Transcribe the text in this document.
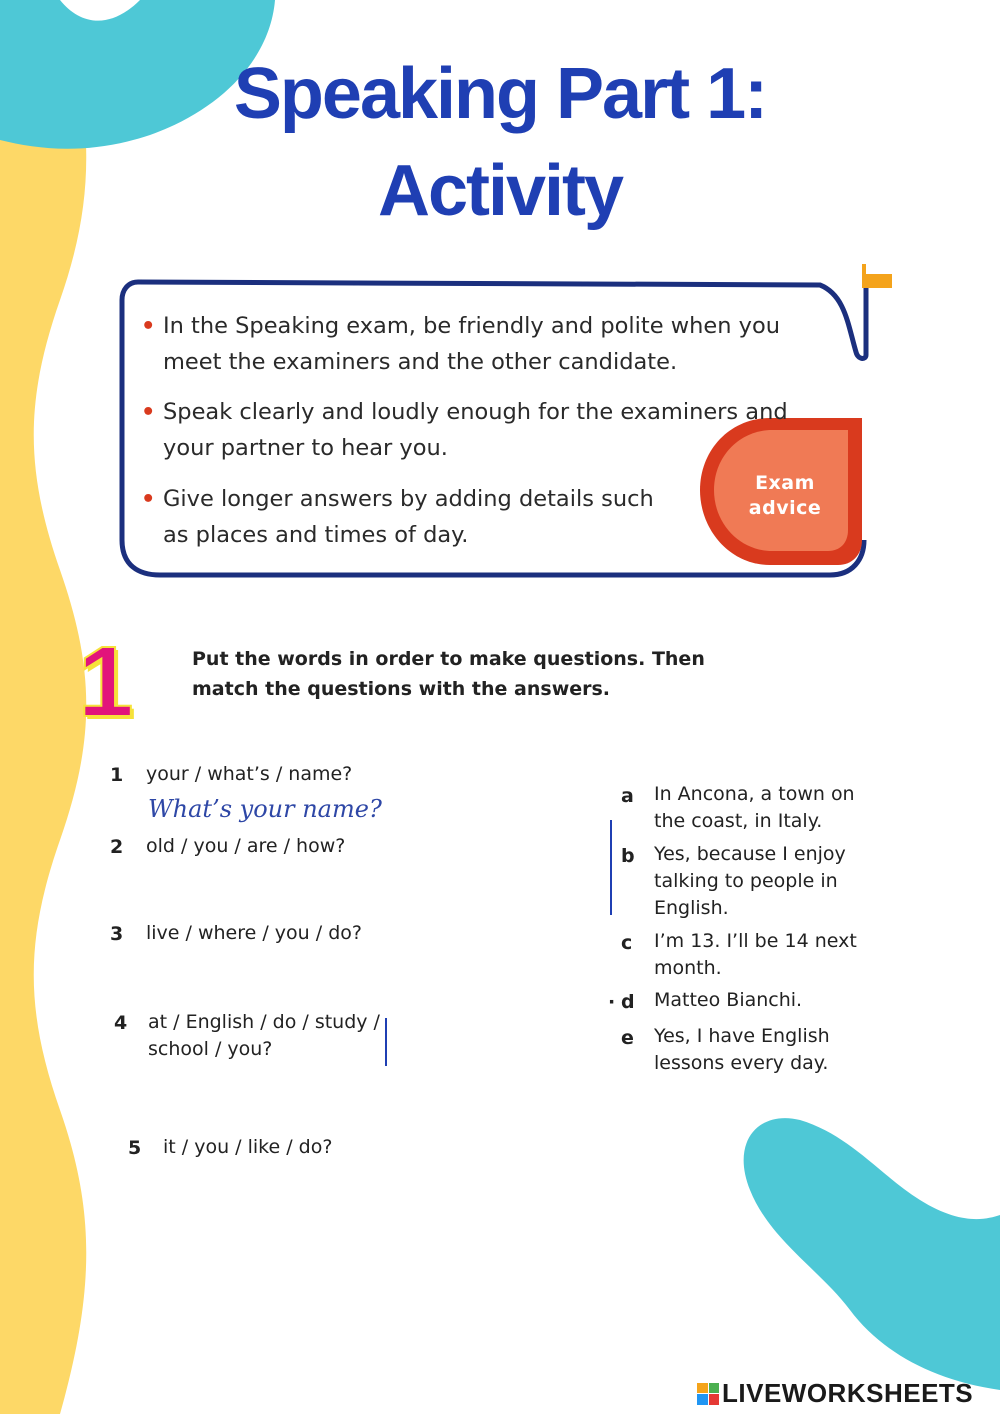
Speaking Part 1:
Activity
• In the Speaking exam, be friendly and polite when you meet the examiners and the other candidate.
• Speak clearly and loudly enough for the examiners and your partner to hear you.
• Give longer answers by adding details such as places and times of day.
Exam
advice
1	Put the words in order to make questions. Then match the questions with the answers.
1 your / what’s / name?
What’s your name?
2 old / you / are / how?
3 live / where / you / do?
4 at / English / do / study / school / you?
5 it / you / like / do?
a In Ancona, a town on the coast, in Italy.
b Yes, because I enjoy talking to people in English.
c I’m 13. I’ll be 14 next month.
· d Matteo Bianchi.
e Yes, I have English lessons every day.
LIVEWORKSHEETS
